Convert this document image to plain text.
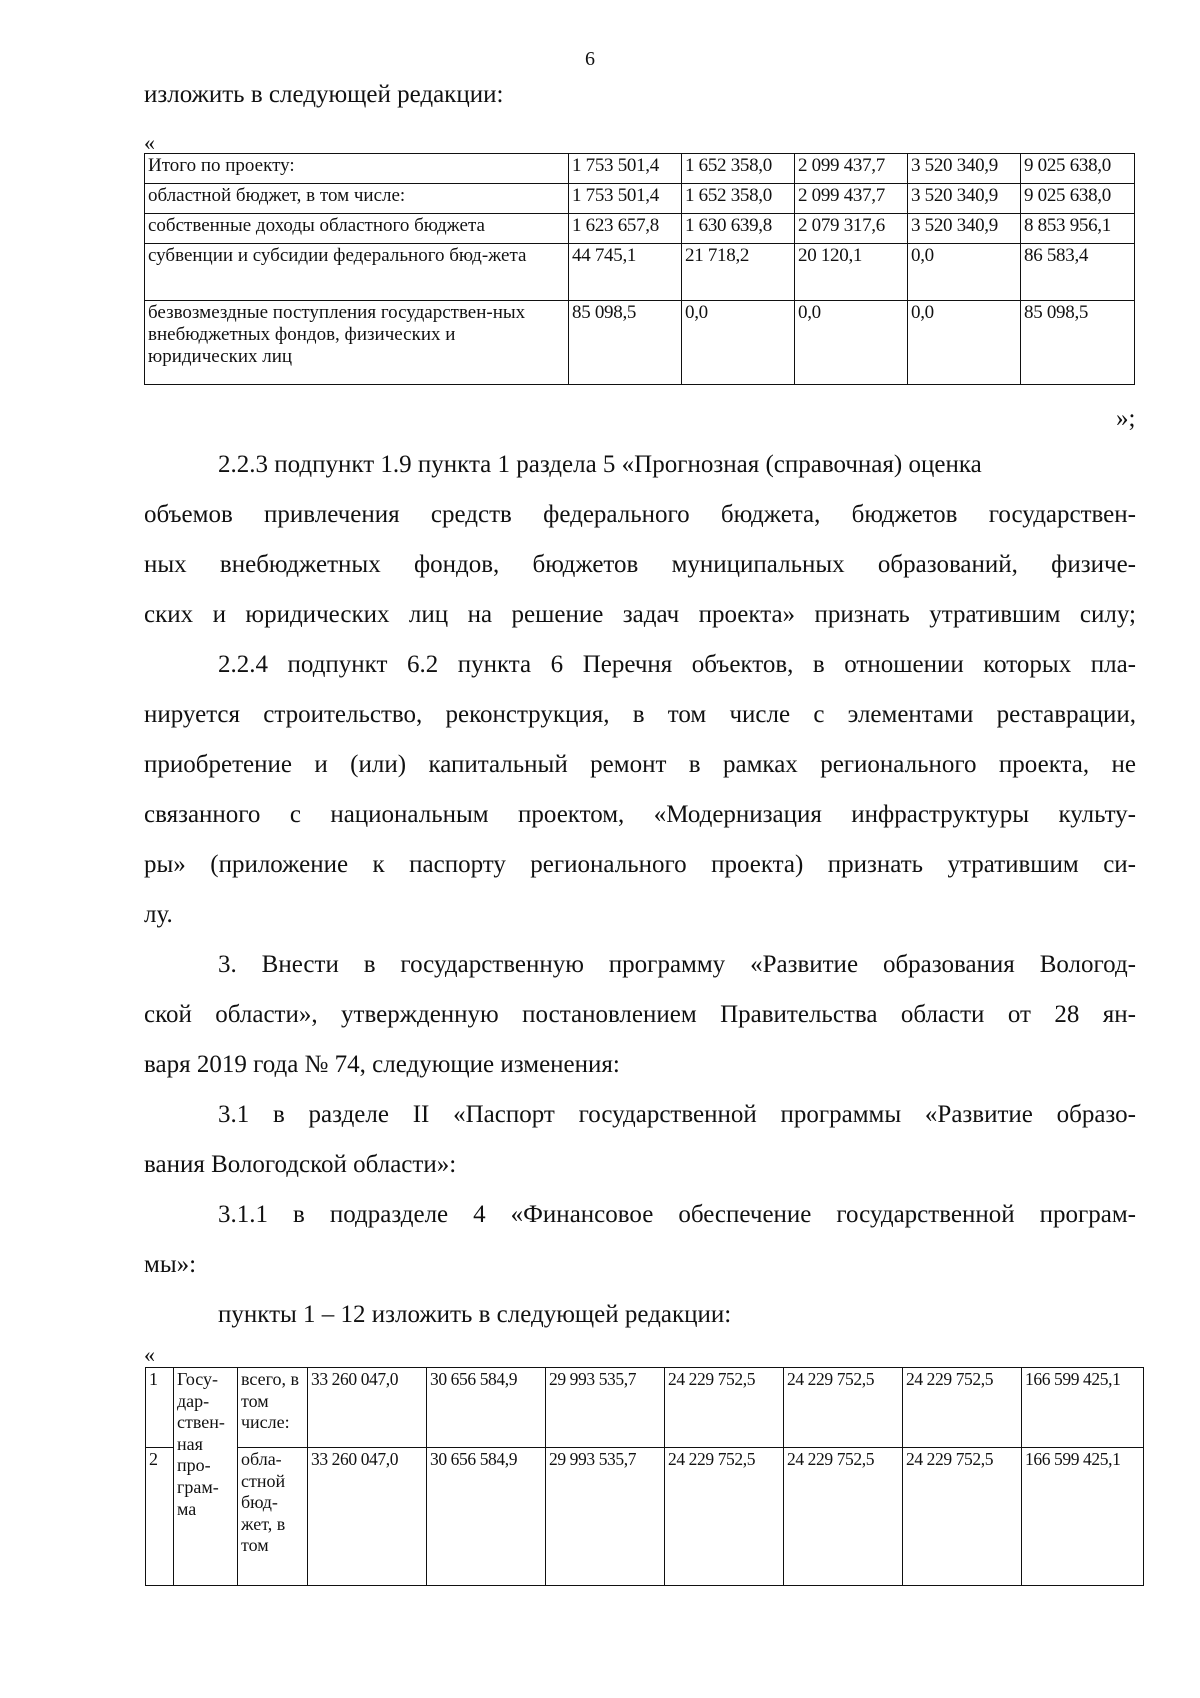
6
изложить в следующей редакции:
«
Итого по проекту:	1 753 501,4	1 652 358,0	2 099 437,7	3 520 340,9	9 025 638,0
областной бюджет, в том числе:	1 753 501,4	1 652 358,0	2 099 437,7	3 520 340,9	9 025 638,0
собственные доходы областного бюджета	1 623 657,8	1 630 639,8	2 079 317,6	3 520 340,9	8 853 956,1
субвенции и субсидии федерального бюд-жета	44 745,1	21 718,2	20 120,1	0,0	86 583,4
безвозмездные поступления государствен-ных внебюджетных фондов, физических и юридических лиц	85 098,5	0,0	0,0	0,0	85 098,5
»;
2.2.3 подпункт 1.9 пункта 1 раздела 5 «Прогнозная (справочная) оценка
объемов привлечения средств федерального бюджета, бюджетов государствен-
ных внебюджетных фондов, бюджетов муниципальных образований, физиче-
ских и юридических лиц на решение задач проекта» признать утратившим силу;
2.2.4 подпункт 6.2 пункта 6 Перечня объектов, в отношении которых пла-
нируется строительство, реконструкция, в том числе с элементами реставрации,
приобретение и (или) капитальный ремонт в рамках регионального проекта, не
связанного с национальным проектом, «Модернизация инфраструктуры культу-
ры» (приложение к паспорту регионального проекта) признать утратившим си-
лу.
3. Внести в государственную программу «Развитие образования Вологод-
ской области», утвержденную постановлением Правительства области от 28 ян-
варя 2019 года № 74, следующие изменения:
3.1 в разделе II «Паспорт государственной программы «Развитие образо-
вания Вологодской области»:
3.1.1 в подразделе 4 «Финансовое обеспечение государственной програм-
мы»:
пункты 1 – 12 изложить в следующей редакции:
«
1	Госу-дар-ствен-ная про-грам-ма	всего, в том числе:	33 260 047,0	30 656 584,9	29 993 535,7	24 229 752,5	24 229 752,5	24 229 752,5	166 599 425,1
2		обла-стной бюд-жет, в том	33 260 047,0	30 656 584,9	29 993 535,7	24 229 752,5	24 229 752,5	24 229 752,5	166 599 425,1
